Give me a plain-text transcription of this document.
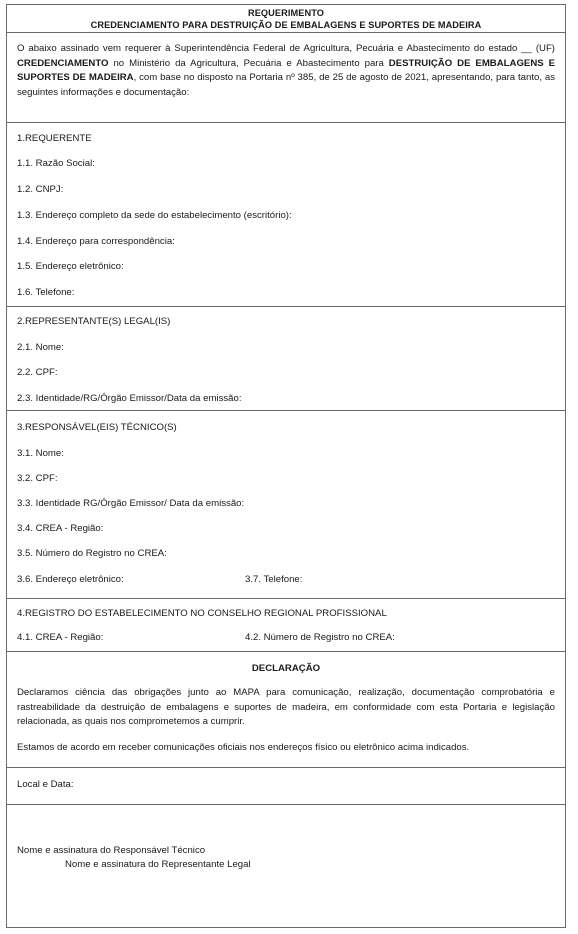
REQUERIMENTO
CREDENCIAMENTO PARA DESTRUIÇÃO DE EMBALAGENS E SUPORTES DE MADEIRA
O abaixo assinado vem requerer à Superintendência Federal de Agricultura, Pecuária e Abastecimento do estado __ (UF) CREDENCIAMENTO no Ministério da Agricultura, Pecuária e Abastecimento para DESTRUIÇÃO DE EMBALAGENS E SUPORTES DE MADEIRA, com base no disposto na Portaria nº 385, de 25 de agosto de 2021, apresentando, para tanto, as seguintes informações e documentação:
1.REQUERENTE
1.1. Razão Social:
1.2. CNPJ:
1.3. Endereço completo da sede do estabelecimento (escritório):
1.4. Endereço para correspondência:
1.5. Endereço eletrônico:
1.6. Telefone:
2.REPRESENTANTE(S) LEGAL(IS)
2.1. Nome:
2.2. CPF:
2.3. Identidade/RG/Órgão Emissor/Data da emissão:
3.RESPONSÁVEL(EIS) TÉCNICO(S)
3.1. Nome:
3.2. CPF:
3.3. Identidade RG/Órgão Emissor/ Data da emissão:
3.4. CREA - Região:
3.5. Número do Registro no CREA:
3.6. Endereço eletrônico:	3.7. Telefone:
4.REGISTRO DO ESTABELECIMENTO NO CONSELHO REGIONAL PROFISSIONAL
4.1. CREA - Região:	4.2. Número de Registro no CREA:
DECLARAÇÃO
Declaramos ciência das obrigações junto ao MAPA para comunicação, realização, documentação comprobatória e rastreabilidade da destruição de embalagens e suportes de madeira, em conformidade com esta Portaria e legislação relacionada, as quais nos comprometemos a cumprir.
Estamos de acordo em receber comunicações oficiais nos endereços físico ou eletrônico acima indicados.
Local e Data:
Nome e assinatura do Responsável Técnico
Nome e assinatura do Representante Legal
